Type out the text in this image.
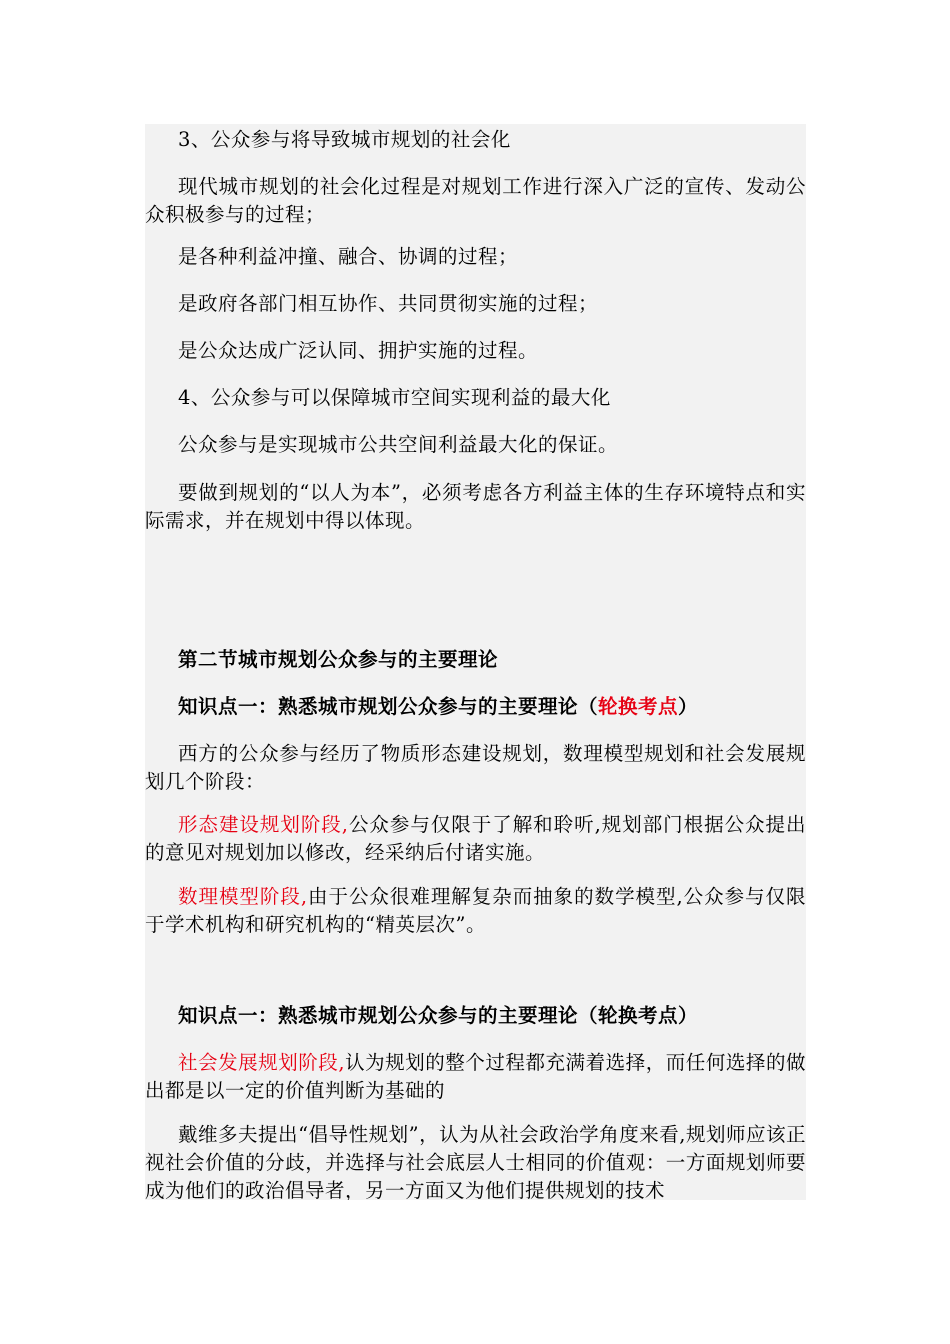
3、公众参与将导致城市规划的社会化

现代城市规划的社会化过程是对规划工作进行深入广泛的宣传、发动公众积极参与的过程；

是各种利益冲撞、融合、协调的过程；

是政府各部门相互协作、共同贯彻实施的过程；

是公众达成广泛认同、拥护实施的过程。

4、公众参与可以保障城市空间实现利益的最大化

公众参与是实现城市公共空间利益最大化的保证。

要做到规划的“以人为本”，必须考虑各方利益主体的生存环境特点和实际需求，并在规划中得以体现。

第二节城市规划公众参与的主要理论

知识点一：熟悉城市规划公众参与的主要理论（轮换考点）

西方的公众参与经历了物质形态建设规划，数理模型规划和社会发展规划几个阶段：

形态建设规划阶段,公众参与仅限于了解和聆听,规划部门根据公众提出的意见对规划加以修改，经采纳后付诸实施。

数理模型阶段,由于公众很难理解复杂而抽象的数学模型,公众参与仅限于学术机构和研究机构的“精英层次”。

知识点一：熟悉城市规划公众参与的主要理论（轮换考点）

社会发展规划阶段,认为规划的整个过程都充满着选择，而任何选择的做出都是以一定的价值判断为基础的

戴维多夫提出“倡导性规划”，认为从社会政治学角度来看,规划师应该正视社会价值的分歧，并选择与社会底层人士相同的价值观：一方面规划师要成为他们的政治倡导者，另一方面又为他们提供规划的技术
